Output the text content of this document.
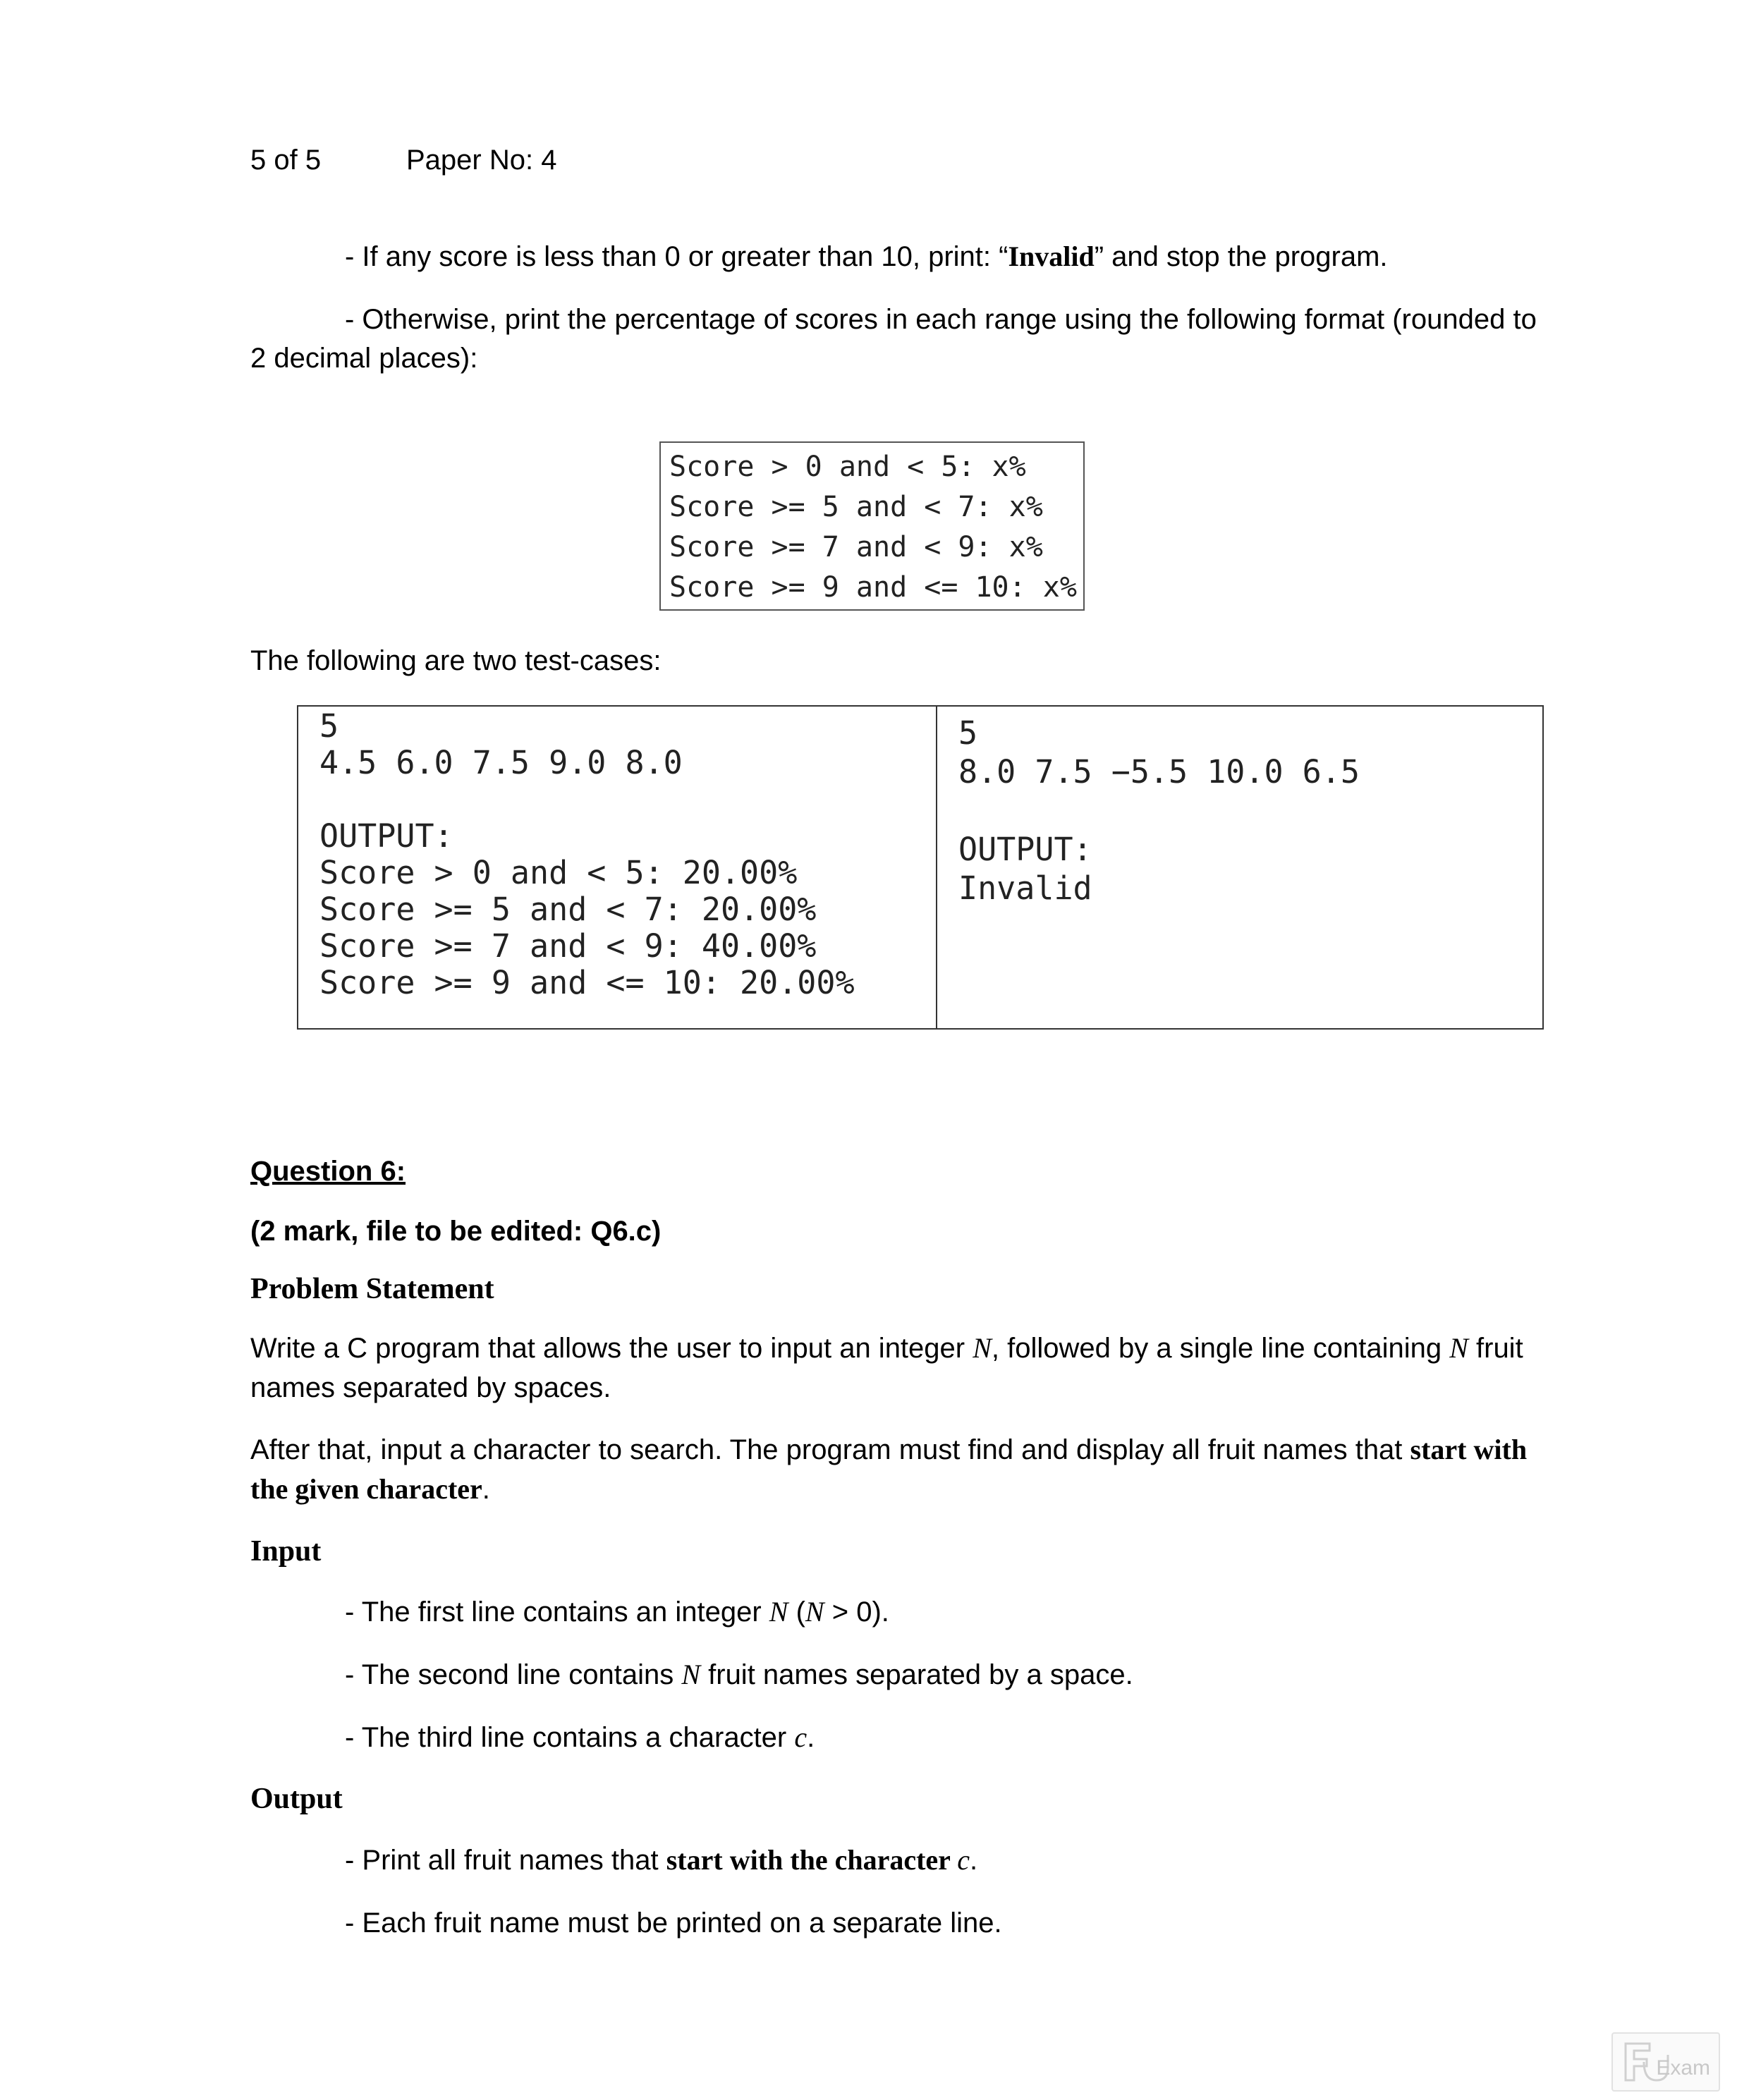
5 of 5	Paper No: 4
- If any score is less than 0 or greater than 10, print: “Invalid” and stop the program.
- Otherwise, print the percentage of scores in each range using the following format (rounded to
2 decimal places):
Score > 0 and < 5: x%
Score >= 5 and < 7: x%
Score >= 7 and < 9: x%
Score >= 9 and <= 10: x%
The following are two test-cases:
5
4.5 6.0 7.5 9.0 8.0
OUTPUT:
Score > 0 and < 5: 20.00%
Score >= 5 and < 7: 20.00%
Score >= 7 and < 9: 40.00%
Score >= 9 and <= 10: 20.00%
5
8.0 7.5 −5.5 10.0 6.5
OUTPUT:
Invalid
Question 6:
(2 mark, file to be edited: Q6.c)
Problem Statement
Write a C program that allows the user to input an integer N, followed by a single line containing N fruit
names separated by spaces.
After that, input a character to search. The program must find and display all fruit names that start with
the given character.
Input
- The first line contains an integer N (N > 0).
- The second line contains N fruit names separated by a space.
- The third line contains a character c.
Output
- Print all fruit names that start with the character c.
- Each fruit name must be printed on a separate line.
Exam
